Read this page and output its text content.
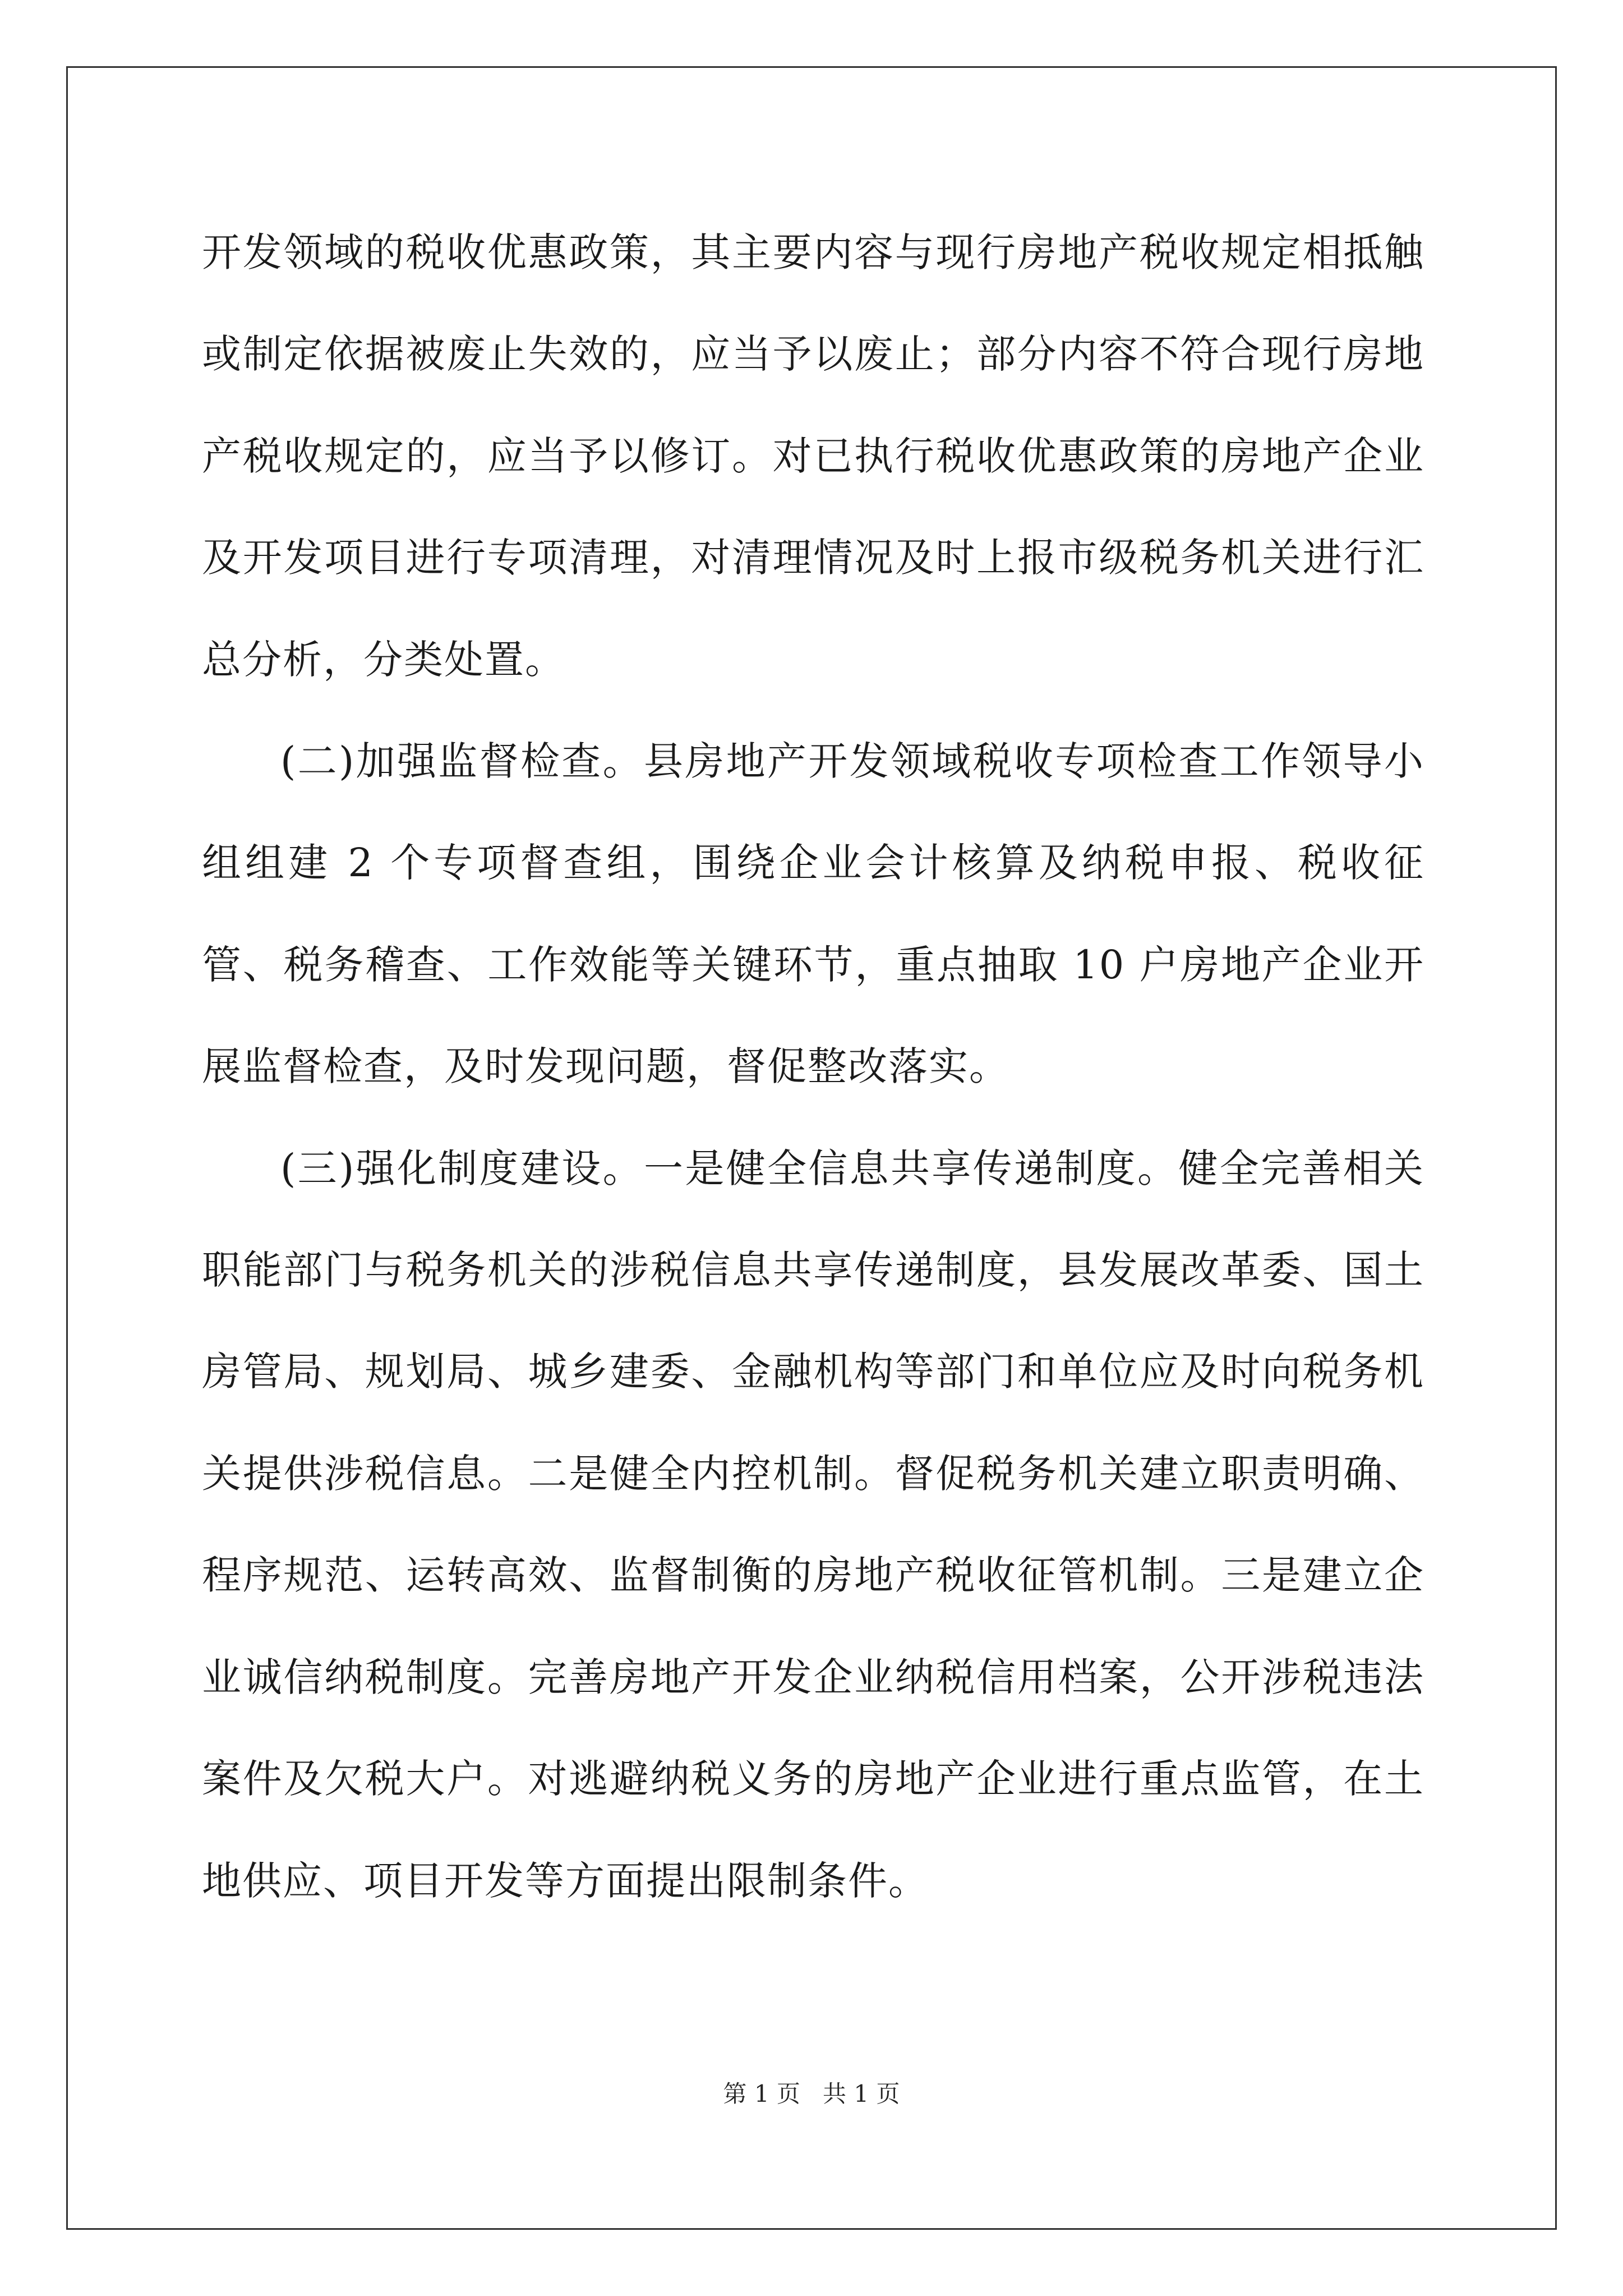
开发领域的税收优惠政策，其主要内容与现行房地产税收规定相抵触或制定依据被废止失效的，应当予以废止；部分内容不符合现行房地产税收规定的，应当予以修订。对已执行税收优惠政策的房地产企业及开发项目进行专项清理，对清理情况及时上报市级税务机关进行汇总分析，分类处置。

(二)加强监督检查。县房地产开发领域税收专项检查工作领导小组组建 2 个专项督查组，围绕企业会计核算及纳税申报、税收征管、税务稽查、工作效能等关键环节，重点抽取 10 户房地产企业开展监督检查，及时发现问题，督促整改落实。

(三)强化制度建设。一是健全信息共享传递制度。健全完善相关职能部门与税务机关的涉税信息共享传递制度，县发展改革委、国土房管局、规划局、城乡建委、金融机构等部门和单位应及时向税务机关提供涉税信息。二是健全内控机制。督促税务机关建立职责明确、程序规范、运转高效、监督制衡的房地产税收征管机制。三是建立企业诚信纳税制度。完善房地产开发企业纳税信用档案，公开涉税违法案件及欠税大户。对逃避纳税义务的房地产企业进行重点监管，在土地供应、项目开发等方面提出限制条件。

第 1 页 共 1 页
